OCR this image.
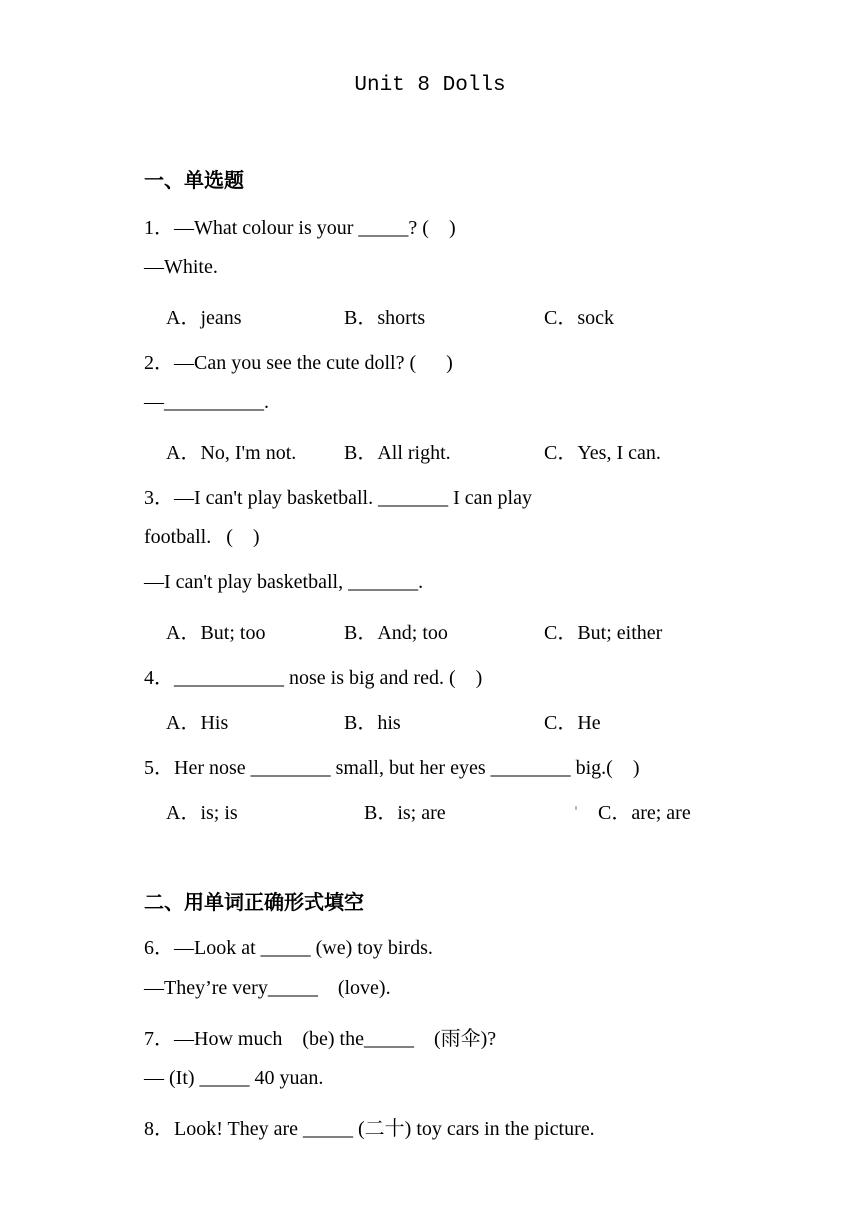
Unit 8 Dolls
一、单选题
1．—What colour is your _____? (    )
—White.
A．jeans	B．shorts	C．sock
2．—Can you see the cute doll? (      )
—__________.
A．No, I'm not. B．All right.	C．Yes, I can.
3．—I can't play basketball. _______ I can play
football.   (    )
—I can't play basketball, _______.
A．But; too	B．And; too	C．But; either
4．___________ nose is big and red. (    )
A．His	B．his	C．He
5．Her nose ________ small, but her eyes ________ big.(    )
A．is; is	B．is; are	C．are; are
二、用单词正确形式填空
6．—Look at _____ (we) toy birds.
—They’re very_____    (love).
7．—How much    (be) the_____    (雨伞)?
— (It) _____ 40 yuan.
8．Look! They are _____ (二十) toy cars in the picture.
